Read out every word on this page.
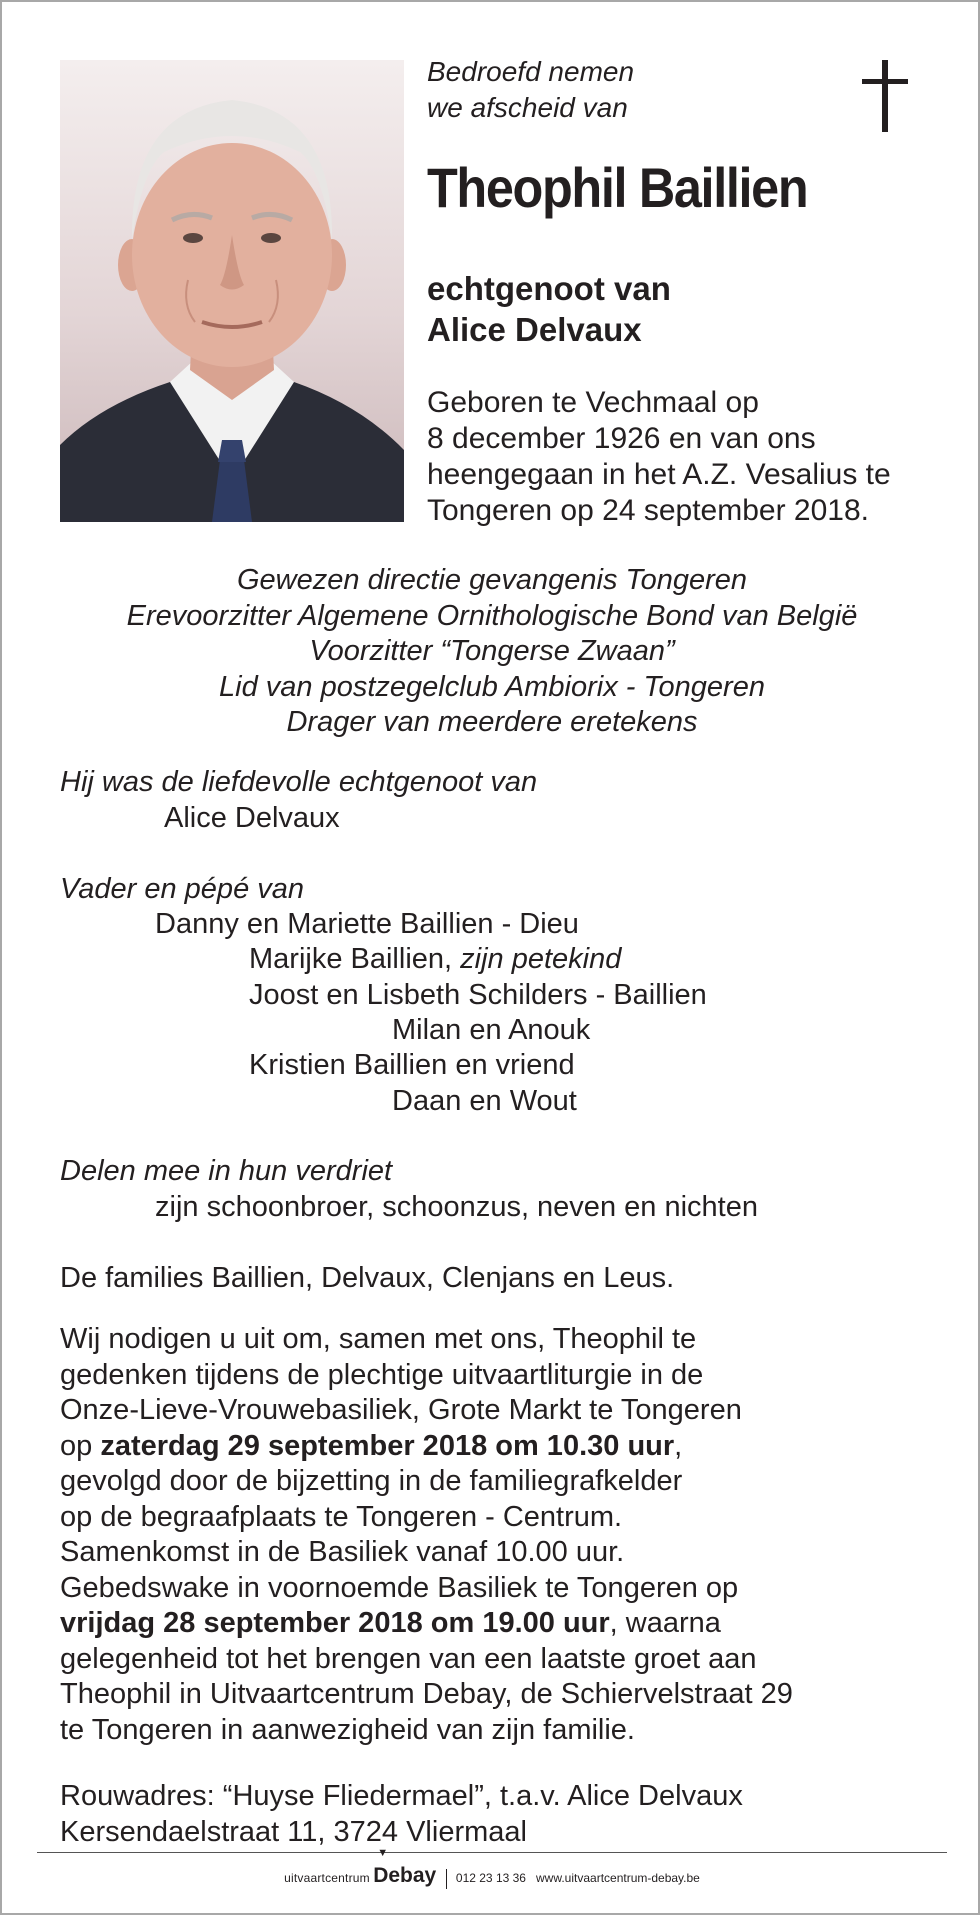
Bedroefd nemen
we afscheid van
Theophil Baillien
echtgenoot van
Alice Delvaux
Geboren te Vechmaal op
8 december 1926 en van ons
heengegaan in het A.Z. Vesalius te
Tongeren op 24 september 2018.
Gewezen directie gevangenis Tongeren
Erevoorzitter Algemene Ornithologische Bond van België
Voorzitter “Tongerse Zwaan”
Lid van postzegelclub Ambiorix - Tongeren
Drager van meerdere eretekens
Hij was de liefdevolle echtgenoot van
Alice Delvaux
Vader en pépé van
Danny en Mariette Baillien - Dieu
Marijke Baillien, zijn petekind
Joost en Lisbeth Schilders - Baillien
Milan en Anouk
Kristien Baillien en vriend
Daan en Wout
Delen mee in hun verdriet
zijn schoonbroer, schoonzus, neven en nichten
De families Baillien, Delvaux, Clenjans en Leus.
Wij nodigen u uit om, samen met ons, Theophil te
gedenken tijdens de plechtige uitvaartliturgie in de
Onze-Lieve-Vrouwebasiliek, Grote Markt te Tongeren
op zaterdag 29 september 2018 om 10.30 uur,
gevolgd door de bijzetting in de familiegrafkelder
op de begraafplaats te Tongeren - Centrum.
Samenkomst in de Basiliek vanaf 10.00 uur.
Gebedswake in voornoemde Basiliek te Tongeren op
vrijdag 28 september 2018 om 19.00 uur, waarna
gelegenheid tot het brengen van een laatste groet aan
Theophil in Uitvaartcentrum Debay, de Schiervelstraat 29
te Tongeren in aanwezigheid van zijn familie.
Rouwadres: “Huyse Fliedermael”, t.a.v. Alice Delvaux
Kersendaelstraat 11, 3724 Vliermaal
uitvaartcentrum
▼
Debay 012 23 13 36 www.uitvaartcentrum-debay.be
